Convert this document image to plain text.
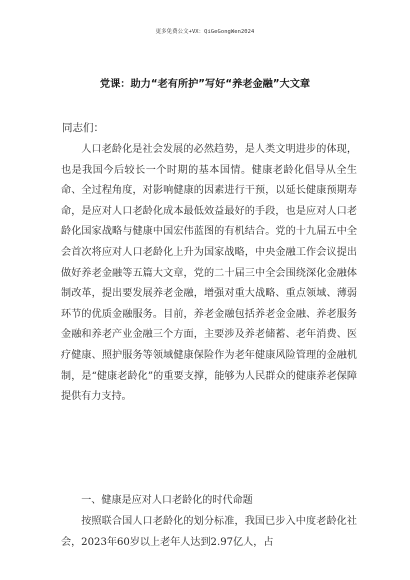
更多免费公文+VX：QiGeGongWen2024
党课：助力“老有所护”写好“养老金融”大文章
同志们：

人口老龄化是社会发展的必然趋势，是人类文明进步的体现，也是我国今后较长一个时期的基本国情。健康老龄化倡导从全生命、全过程角度，对影响健康的因素进行干预，以延长健康预期寿命，是应对人口老龄化成本最低效益最好的手段，也是应对人口老龄化国家战略与健康中国宏伟蓝图的有机结合。党的十九届五中全会首次将应对人口老龄化上升为国家战略，中央金融工作会议提出做好养老金融等五篇大文章，党的二十届三中全会围绕深化金融体制改革，提出要发展养老金融，增强对重大战略、重点领域、薄弱环节的优质金融服务。目前，养老金融包括养老金金融、养老服务金融和养老产业金融三个方面，主要涉及养老储蓄、老年消费、医疗健康、照护服务等领域健康保险作为老年健康风险管理的金融机制，是“健康老龄化”的重要支撑，能够为人民群众的健康养老保障提供有力支持。

一、健康是应对人口老龄化的时代命题

按照联合国人口老龄化的划分标准，我国已步入中度老龄化社会，2023年60岁以上老年人达到2.97亿人，占
